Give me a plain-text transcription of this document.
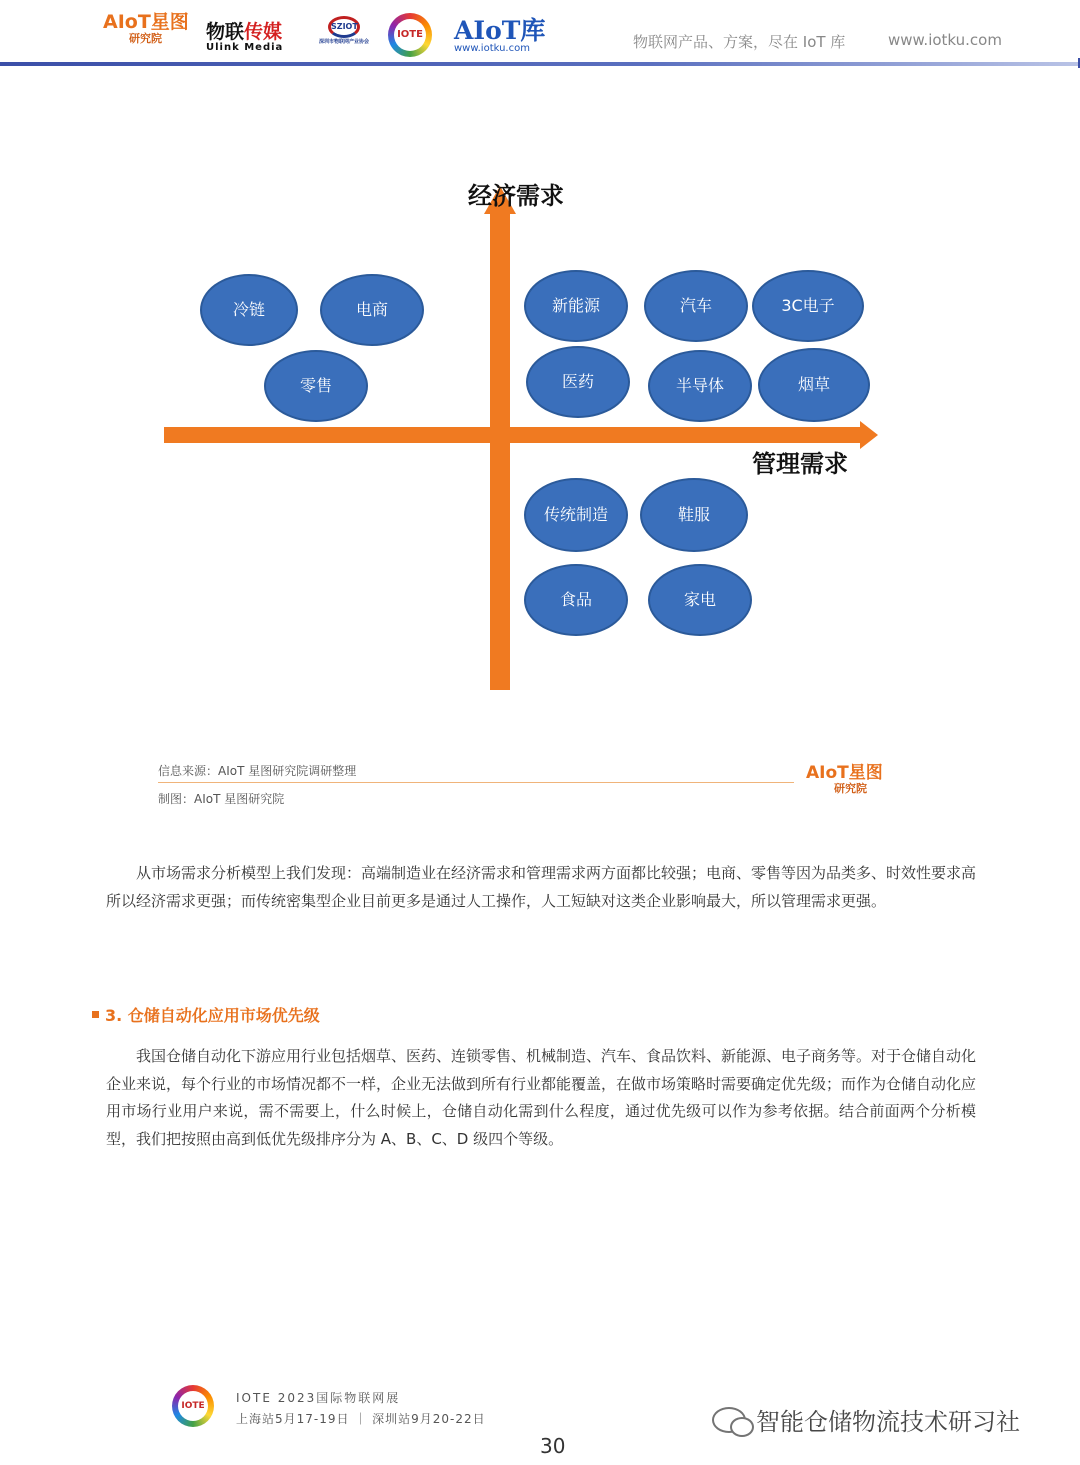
AIoT星图
研究院	物联传媒
Ulink Media
SZIOT
深圳市物联网产业协会
IOTE AIoT库
www.iotku.com	物联网产品、方案，尽在 IoT 库	www.iotku.com
经济需求
管理需求
冷链	电商
零售
新能源	汽车	3C电子
医药	半导体	烟草
传统制造	鞋服
食品	家电
信息来源：AIoT 星图研究院调研整理
制图：AIoT 星图研究院
AIoT星图
研究院

从市场需求分析模型上我们发现：高端制造业在经济需求和管理需求两方面都比较强；电商、零售等因为品类多、时效性要求高所以经济需求更强；而传统密集型企业目前更多是通过人工操作，人工短缺对这类企业影响最大，所以管理需求更强。

3. 仓储自动化应用市场优先级

我国仓储自动化下游应用行业包括烟草、医药、连锁零售、机械制造、汽车、食品饮料、新能源、电子商务等。对于仓储自动化企业来说，每个行业的市场情况都不一样，企业无法做到所有行业都能覆盖，在做市场策略时需要确定优先级；而作为仓储自动化应用市场行业用户来说，需不需要上，什么时候上，仓储自动化需到什么程度，通过优先级可以作为参考依据。结合前面两个分析模型，我们把按照由高到低优先级排序分为 A、B、C、D 级四个等级。

IOTE
IOTE 2023国际物联网展
上海站5月17-19日 ｜ 深圳站9月20-22日	智能仓储物流技术研习社
30
